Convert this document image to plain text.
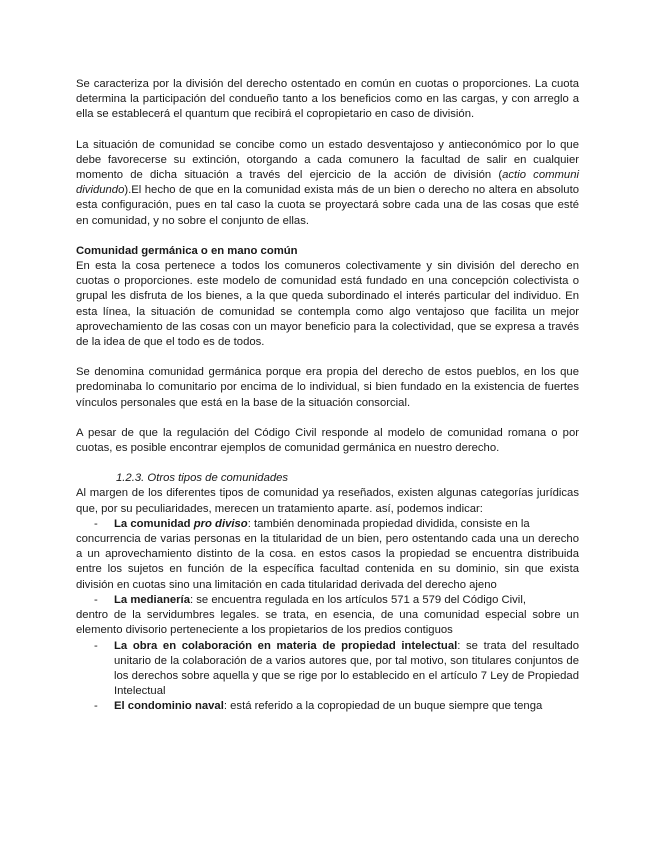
Se caracteriza por la división del derecho ostentado en común en cuotas o proporciones. La cuota determina la participación del condueño tanto a los beneficios como en las cargas, y con arreglo a ella se establecerá el quantum que recibirá el copropietario en caso de división.

La situación de comunidad se concibe como un estado desventajoso y antieconómico por lo que debe favorecerse su extinción, otorgando a cada comunero la facultad de salir en cualquier momento de dicha situación a través del ejercicio de la acción de división (actio communi dividundo).El hecho de que en la comunidad exista más de un bien o derecho no altera en absoluto esta configuración, pues en tal caso la cuota se proyectará sobre cada una de las cosas que esté en comunidad, y no sobre el conjunto de ellas.

Comunidad germánica o en mano común

En esta la cosa pertenece a todos los comuneros colectivamente y sin división del derecho en cuotas o proporciones. este modelo de comunidad está fundado en una concepción colectivista o grupal les disfruta de los bienes, a la que queda subordinado el interés particular del individuo. En esta línea, la situación de comunidad se contempla como algo ventajoso que facilita un mejor aprovechamiento de las cosas con un mayor beneficio para la colectividad, que se expresa a través de la idea de que el todo es de todos.

Se denomina comunidad germánica porque era propia del derecho de estos pueblos, en los que predominaba lo comunitario por encima de lo individual, si bien fundado en la existencia de fuertes vínculos personales que está en la base de la situación consorcial.

A pesar de que la regulación del Código Civil responde al modelo de comunidad romana o por cuotas, es posible encontrar ejemplos de comunidad germánica en nuestro derecho.

1.2.3. Otros tipos de comunidades

Al margen de los diferentes tipos de comunidad ya reseñados, existen algunas categorías jurídicas que, por su peculiaridades, merecen un tratamiento aparte. así, podemos indicar:

-	La comunidad pro diviso: también denominada propiedad dividida, consiste en la

concurrencia de varias personas en la titularidad de un bien, pero ostentando cada una un derecho a un aprovechamiento distinto de la cosa. en estos casos la propiedad se encuentra distribuida entre los sujetos en función de la específica facultad contenida en su dominio, sin que exista división en cuotas sino una limitación en cada titularidad derivada del derecho ajeno

-	La medianería: se encuentra regulada en los artículos 571 a 579 del Código Civil,

dentro de la servidumbres legales. se trata, en esencia, de una comunidad especial sobre un elemento divisorio perteneciente a los propietarios de los predios contiguos

-	La obra en colaboración en materia de propiedad intelectual: se trata del resultado unitario de la colaboración de a varios autores que, por tal motivo, son titulares conjuntos de los derechos sobre aquella y que se rige por lo establecido en el artículo 7 Ley de Propiedad Intelectual
-	El condominio naval: está referido a la copropiedad de un buque siempre que tenga
